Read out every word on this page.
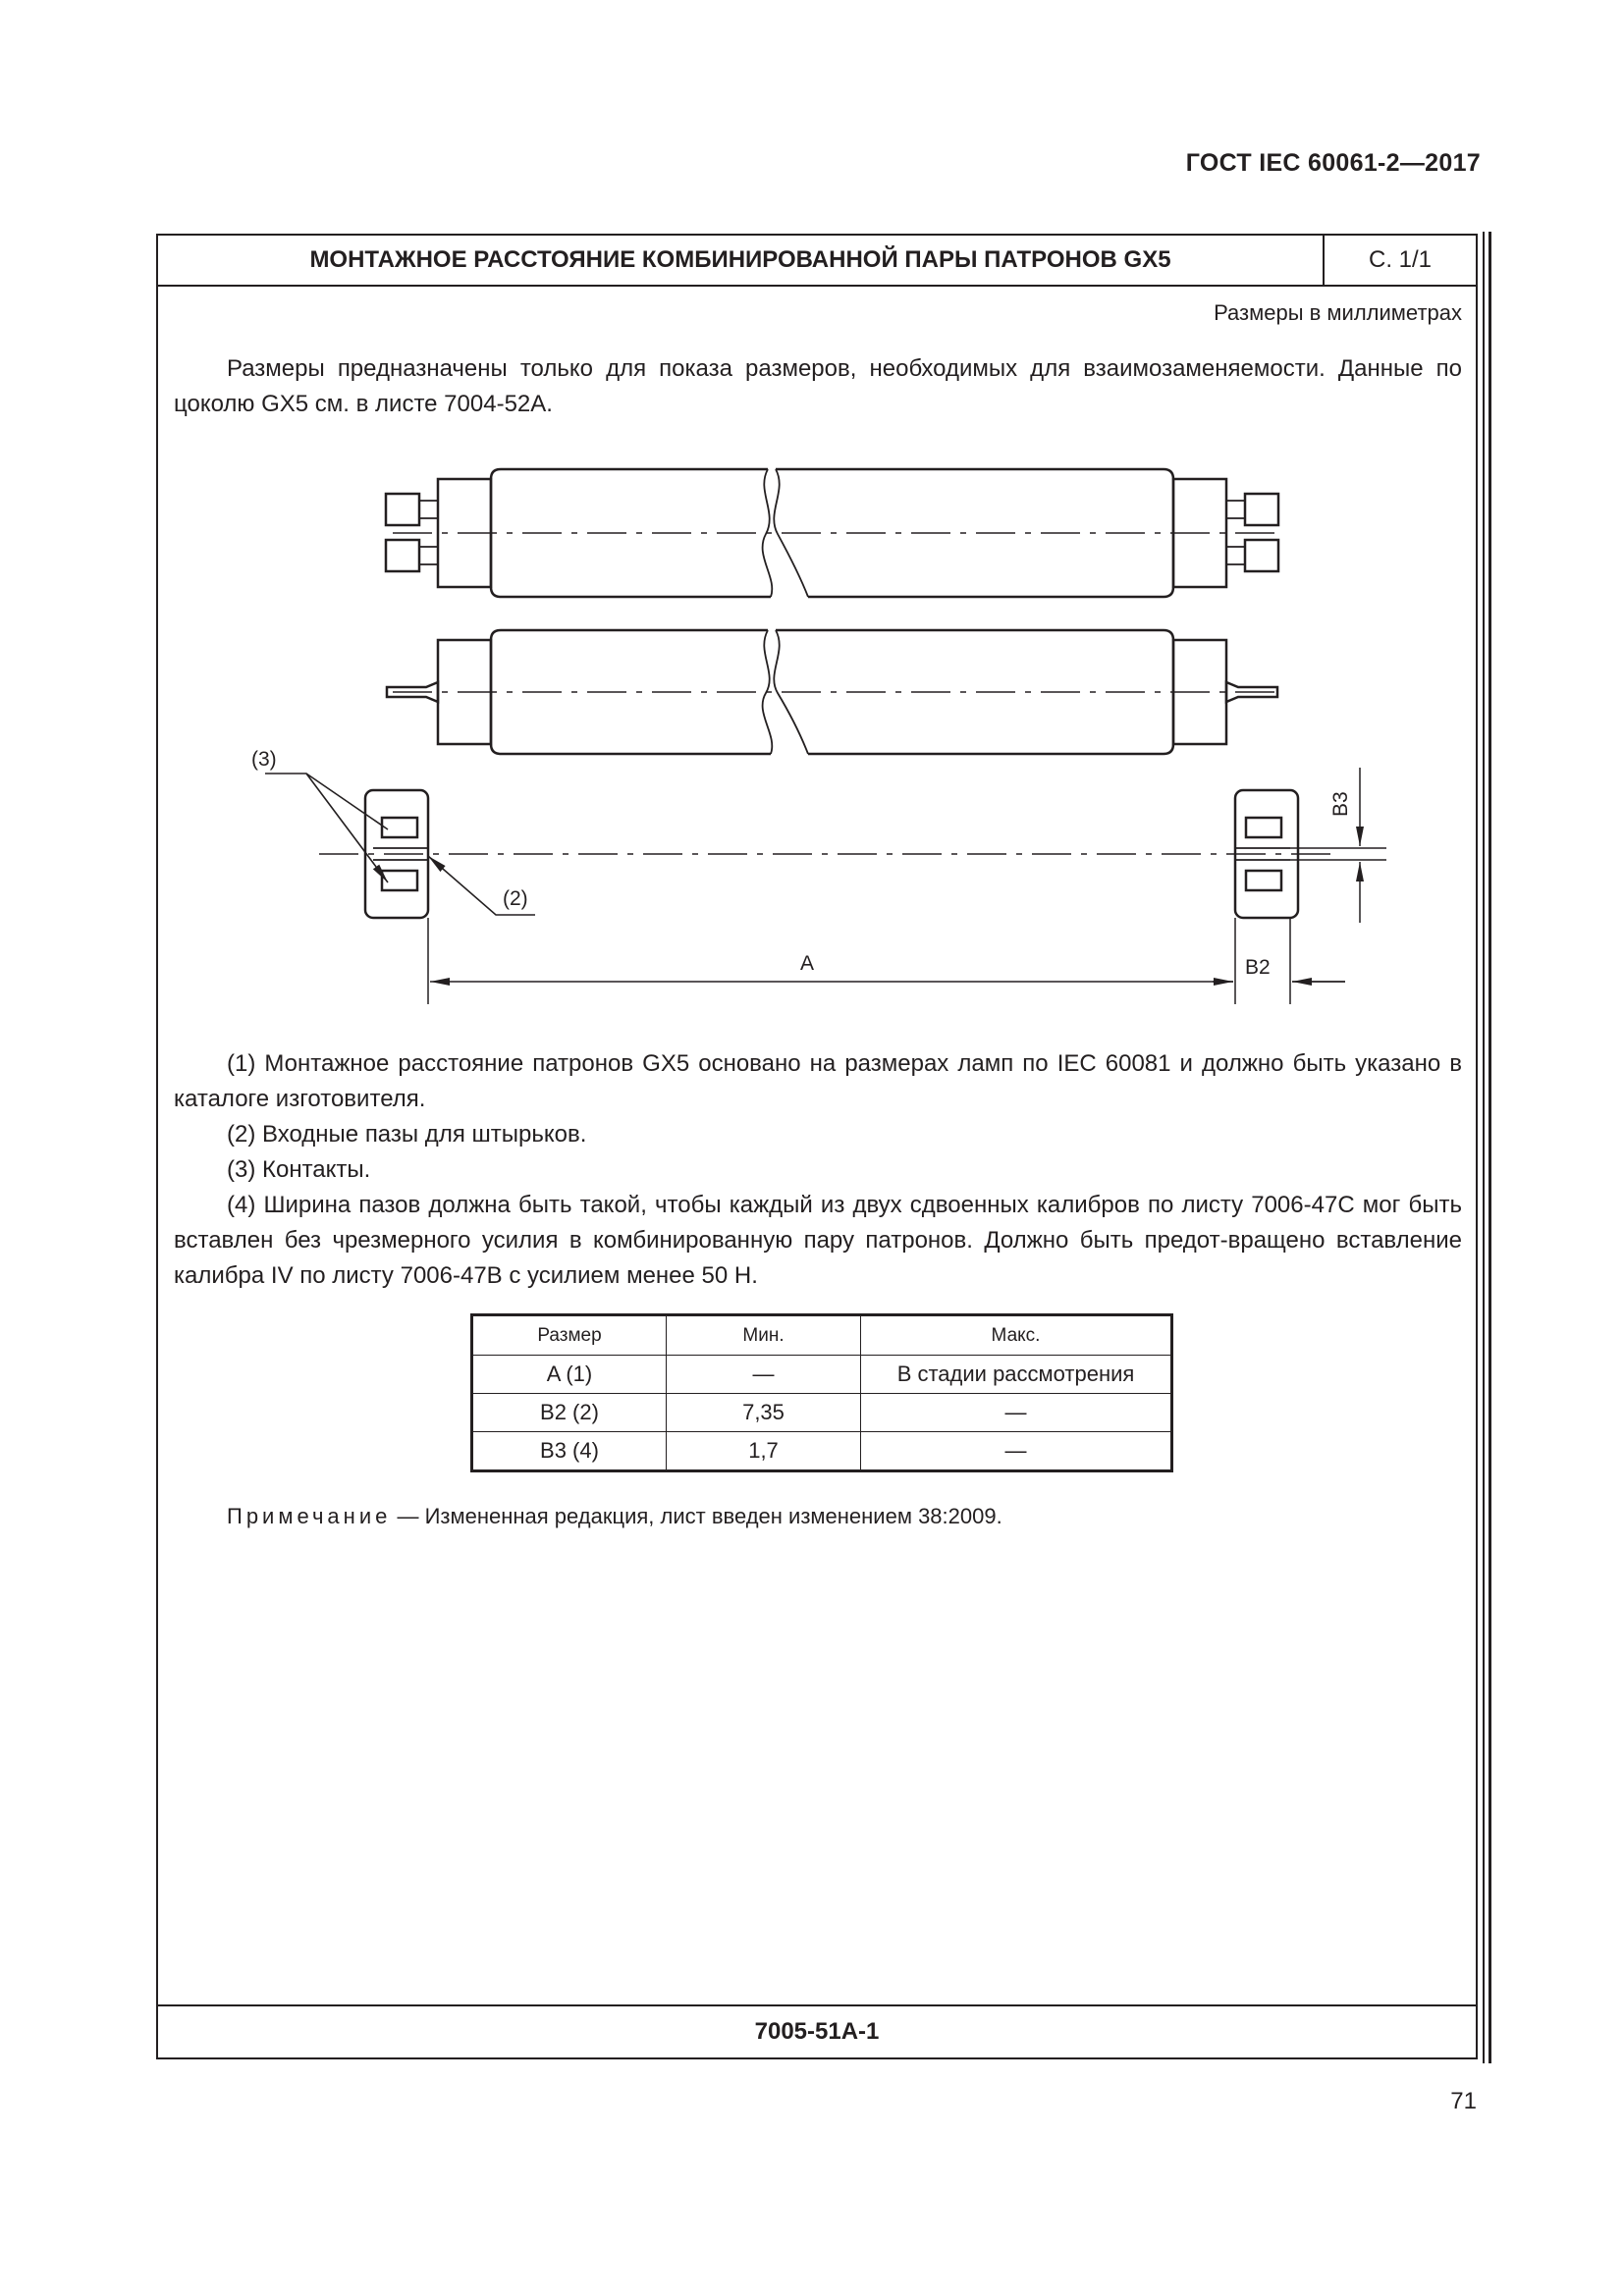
ГОСТ IEC 60061-2—2017
МОНТАЖНОЕ РАССТОЯНИЕ КОМБИНИРОВАННОЙ ПАРЫ ПАТРОНОВ GX5	С. 1/1
Размеры в миллиметрах

Размеры предназначены только для показа размеров, необходимых для взаимозаменяемости. Данные по цоколю GX5 см. в листе 7004-52A.

(1) Монтажное расстояние патронов GX5 основано на размерах ламп по IEC 60081 и должно быть указано в каталоге изготовителя.
(2) Входные пазы для штырьков.
(3) Контакты.
(4) Ширина пазов должна быть такой, чтобы каждый из двух сдвоенных калибров по листу 7006-47C мог быть вставлен без чрезмерного усилия в комбинированную пару патронов. Должно быть предот-вращено вставление калибра IV по листу 7006-47B с усилием менее 50 Н.
Размер	Мин.	Макс.
A (1)	—	В стадии рассмотрения
B2 (2)	7,35	—
B3 (4)	1,7	—
Примечание — Измененная редакция, лист введен изменением 38:2009.
7005-51A-1
(3)
(2)
A	B2
B3
71
